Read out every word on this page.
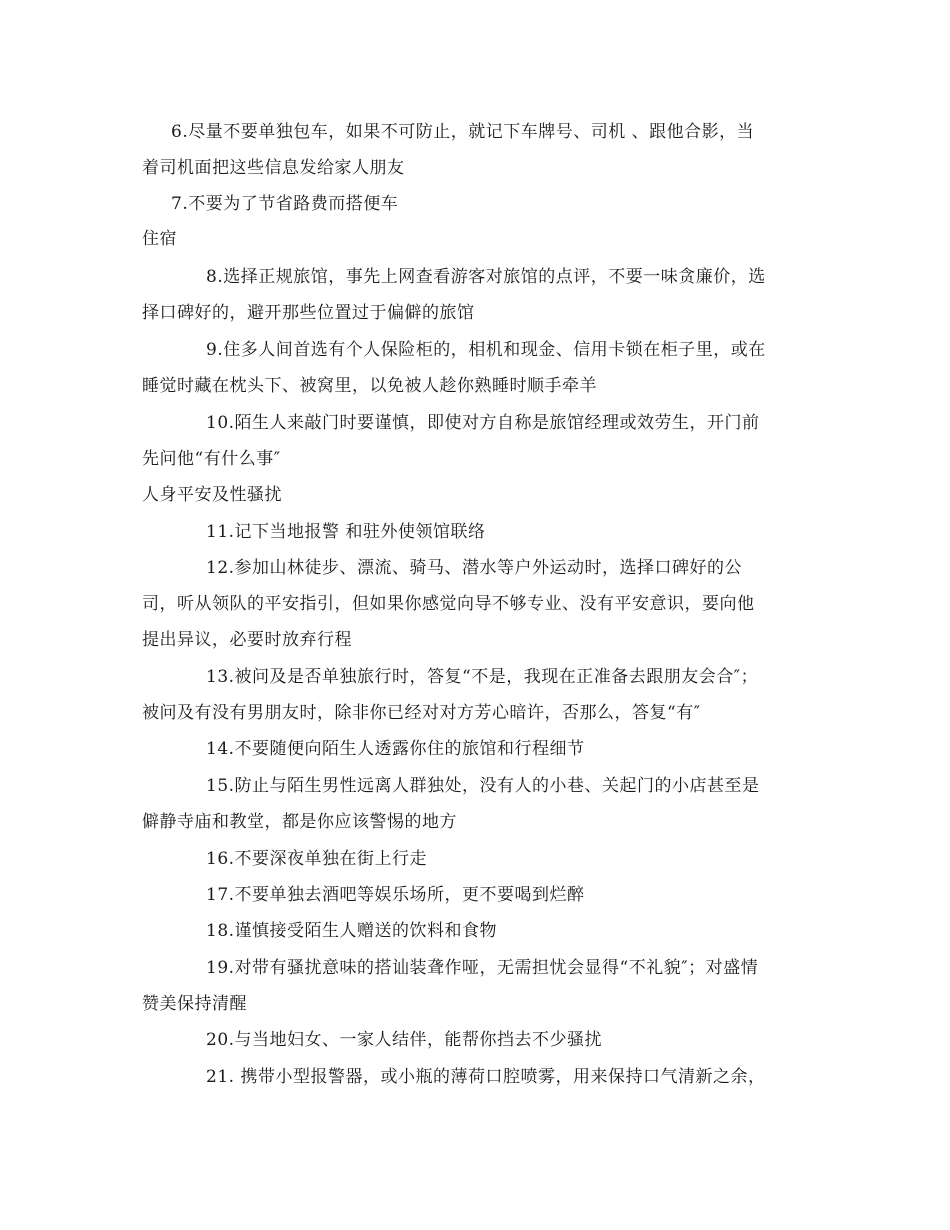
6.尽量不要单独包车，如果不可防止，就记下车牌号、司机 、跟他合影，当
着司机面把这些信息发给家人朋友
7.不要为了节省路费而搭便车
住宿
8.选择正规旅馆，事先上网查看游客对旅馆的点评，不要一味贪廉价，选
择口碑好的，避开那些位置过于偏僻的旅馆
9.住多人间首选有个人保险柜的，相机和现金、信用卡锁在柜子里，或在
睡觉时藏在枕头下、被窝里，以免被人趁你熟睡时顺手牵羊
10.陌生人来敲门时要谨慎，即使对方自称是旅馆经理或效劳生，开门前
先问他“有什么事″
人身平安及性骚扰
11.记下当地报警 和驻外使领馆联络
12.参加山林徒步、漂流、骑马、潜水等户外运动时，选择口碑好的公
司，听从领队的平安指引，但如果你感觉向导不够专业、没有平安意识，要向他
提出异议，必要时放弃行程
13.被问及是否单独旅行时，答复“不是，我现在正准备去跟朋友会合″；
被问及有没有男朋友时，除非你已经对对方芳心暗许，否那么，答复“有″
14.不要随便向陌生人透露你住的旅馆和行程细节
15.防止与陌生男性远离人群独处，没有人的小巷、关起门的小店甚至是
僻静寺庙和教堂，都是你应该警惕的地方
16.不要深夜单独在街上行走
17.不要单独去酒吧等娱乐场所，更不要喝到烂醉
18.谨慎接受陌生人赠送的饮料和食物
19.对带有骚扰意味的搭讪装聋作哑，无需担忧会显得“不礼貌″；对盛情
赞美保持清醒
20.与当地妇女、一家人结伴，能帮你挡去不少骚扰
21. 携带小型报警器，或小瓶的薄荷口腔喷雾，用来保持口气清新之余，
